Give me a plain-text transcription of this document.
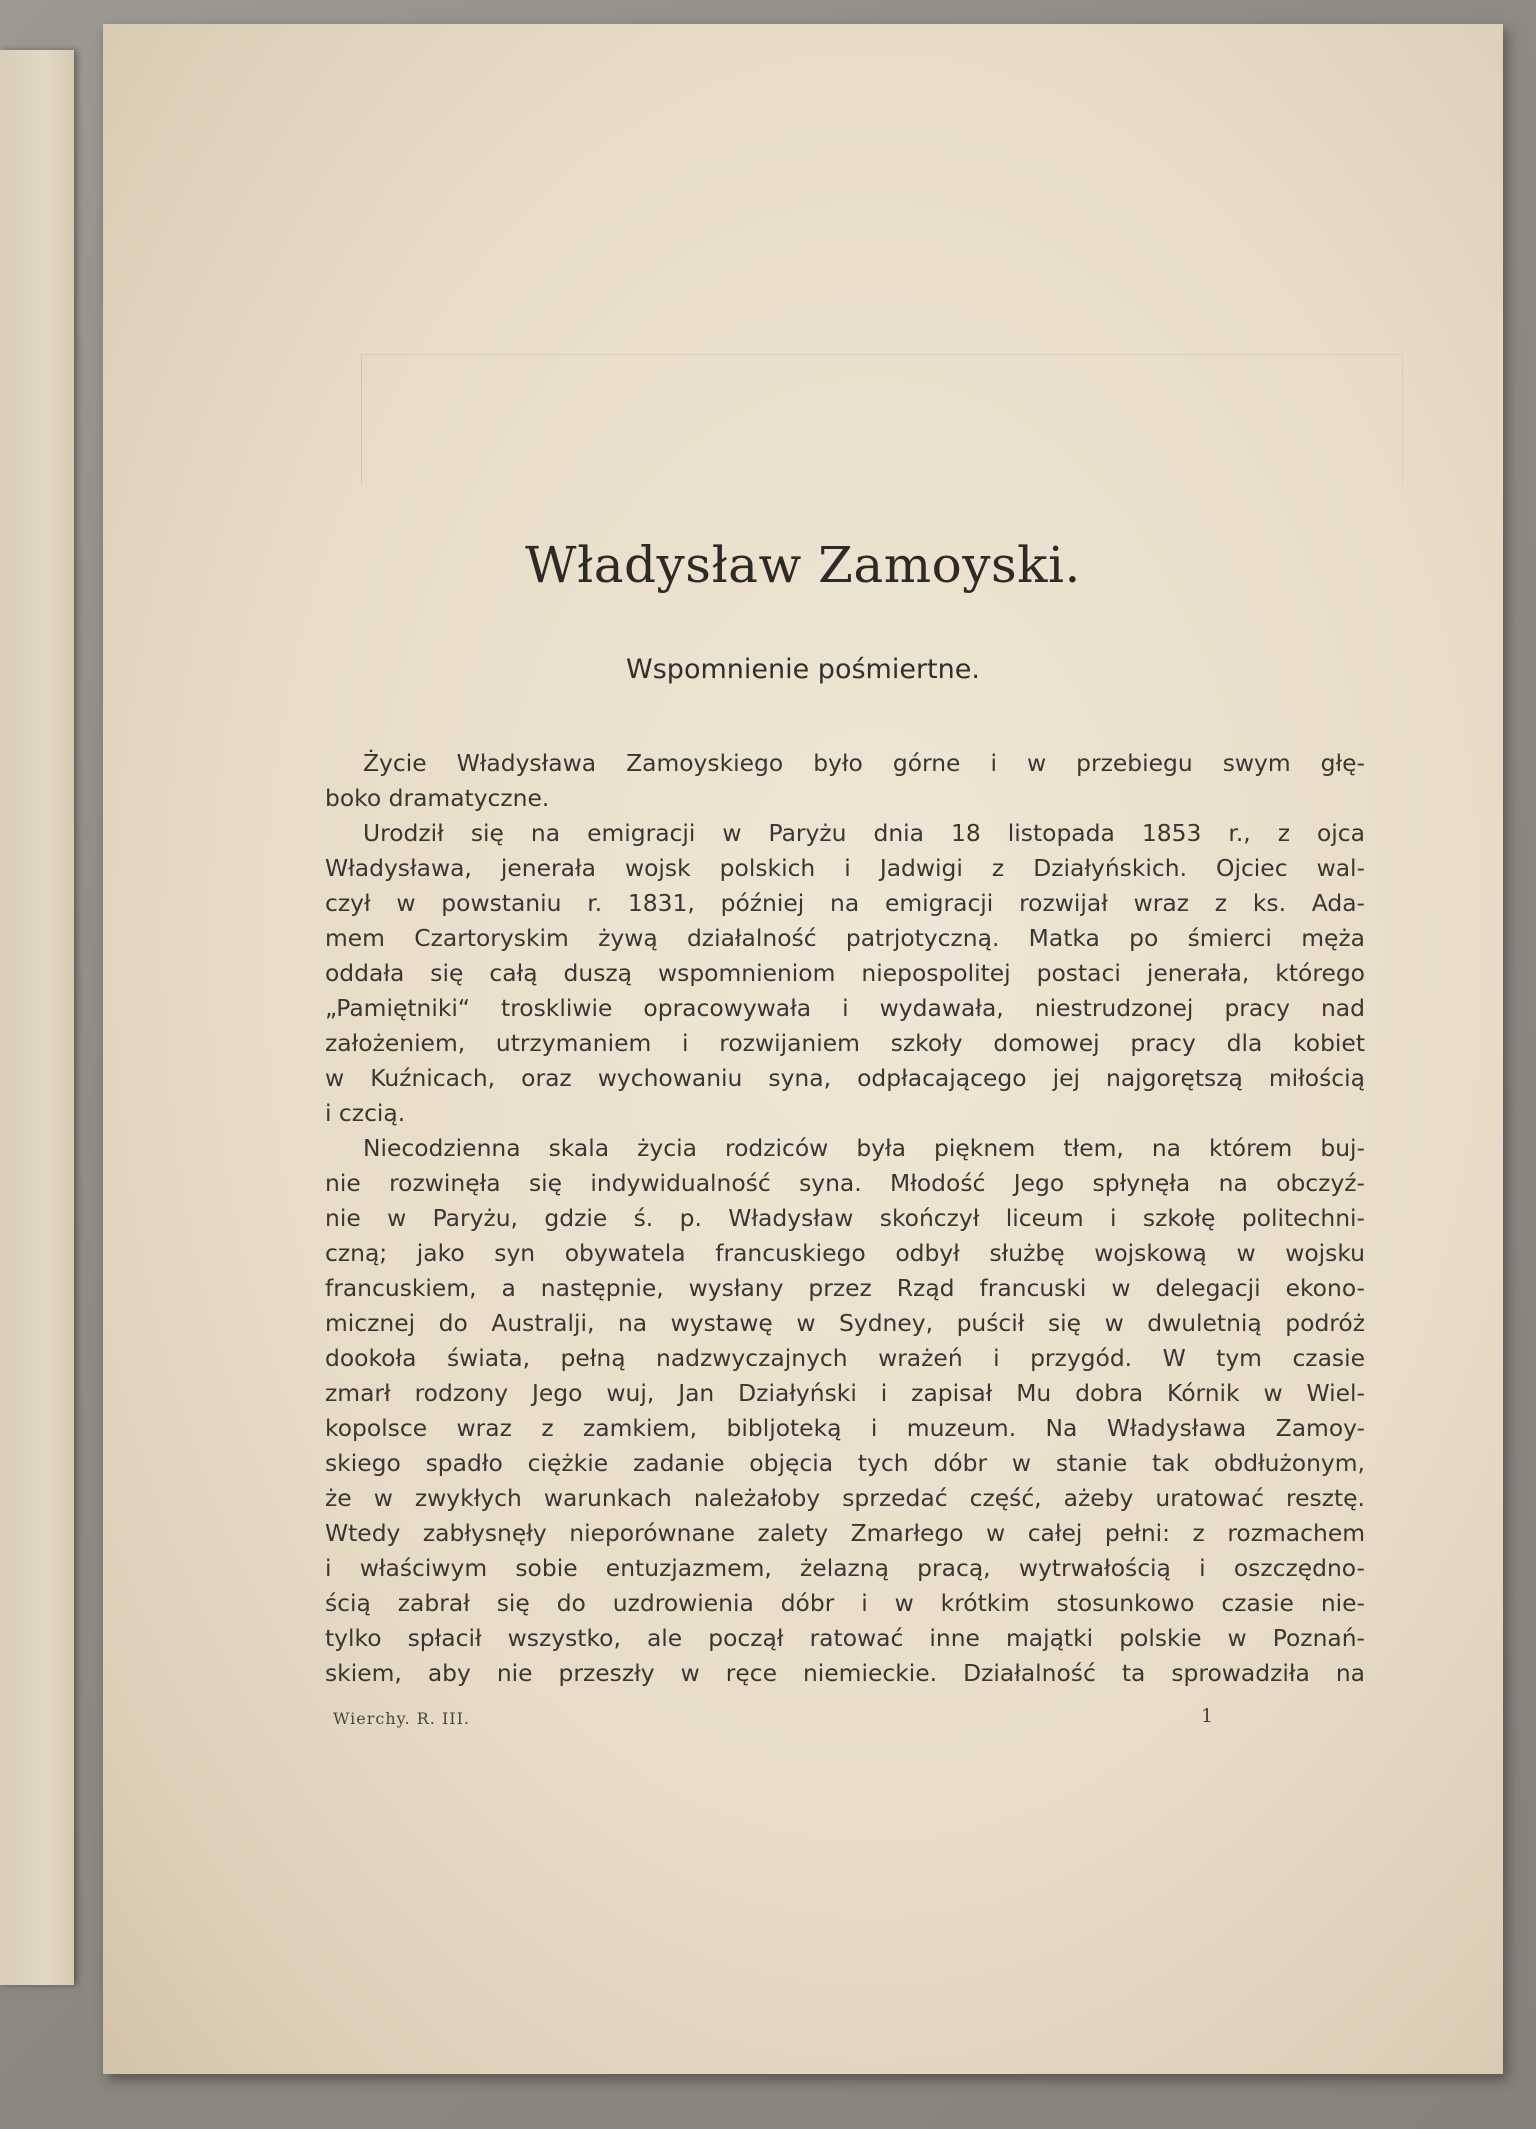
Władysław Zamoyski.
Wspomnienie pośmiertne.
Życie Władysława Zamoyskiego było górne i w przebiegu swym głę-
boko dramatyczne.
Urodził się na emigracji w Paryżu dnia 18 listopada 1853 r., z ojca
Władysława, jenerała wojsk polskich i Jadwigi z Działyńskich. Ojciec wal-
czył w powstaniu r. 1831, później na emigracji rozwijał wraz z ks. Ada-
mem Czartoryskim żywą działalność patrjotyczną. Matka po śmierci męża
oddała się całą duszą wspomnieniom niepospolitej postaci jenerała, którego
„Pamiętniki“ troskliwie opracowywała i wydawała, niestrudzonej pracy nad
założeniem, utrzymaniem i rozwijaniem szkoły domowej pracy dla kobiet
w Kuźnicach, oraz wychowaniu syna, odpłacającego jej najgorętszą miłością
i czcią.
Niecodzienna skala życia rodziców była pięknem tłem, na którem buj-
nie rozwinęła się indywidualność syna. Młodość Jego spłynęła na obczyź-
nie w Paryżu, gdzie ś. p. Władysław skończył liceum i szkołę politechni-
czną; jako syn obywatela francuskiego odbył służbę wojskową w wojsku
francuskiem, a następnie, wysłany przez Rząd francuski w delegacji ekono-
micznej do Australji, na wystawę w Sydney, puścił się w dwuletnią podróż
dookoła świata, pełną nadzwyczajnych wrażeń i przygód. W tym czasie
zmarł rodzony Jego wuj, Jan Działyński i zapisał Mu dobra Kórnik w Wiel-
kopolsce wraz z zamkiem, bibljoteką i muzeum. Na Władysława Zamoy-
skiego spadło ciężkie zadanie objęcia tych dóbr w stanie tak obdłużonym,
że w zwykłych warunkach należałoby sprzedać część, ażeby uratować resztę.
Wtedy zabłysnęły nieporównane zalety Zmarłego w całej pełni: z rozmachem
i właściwym sobie entuzjazmem, żelazną pracą, wytrwałością i oszczędno-
ścią zabrał się do uzdrowienia dóbr i w krótkim stosunkowo czasie nie-
tylko spłacił wszystko, ale począł ratować inne majątki polskie w Poznań-
skiem, aby nie przeszły w ręce niemieckie. Działalność ta sprowadziła na
Wierchy. R. III.	1
